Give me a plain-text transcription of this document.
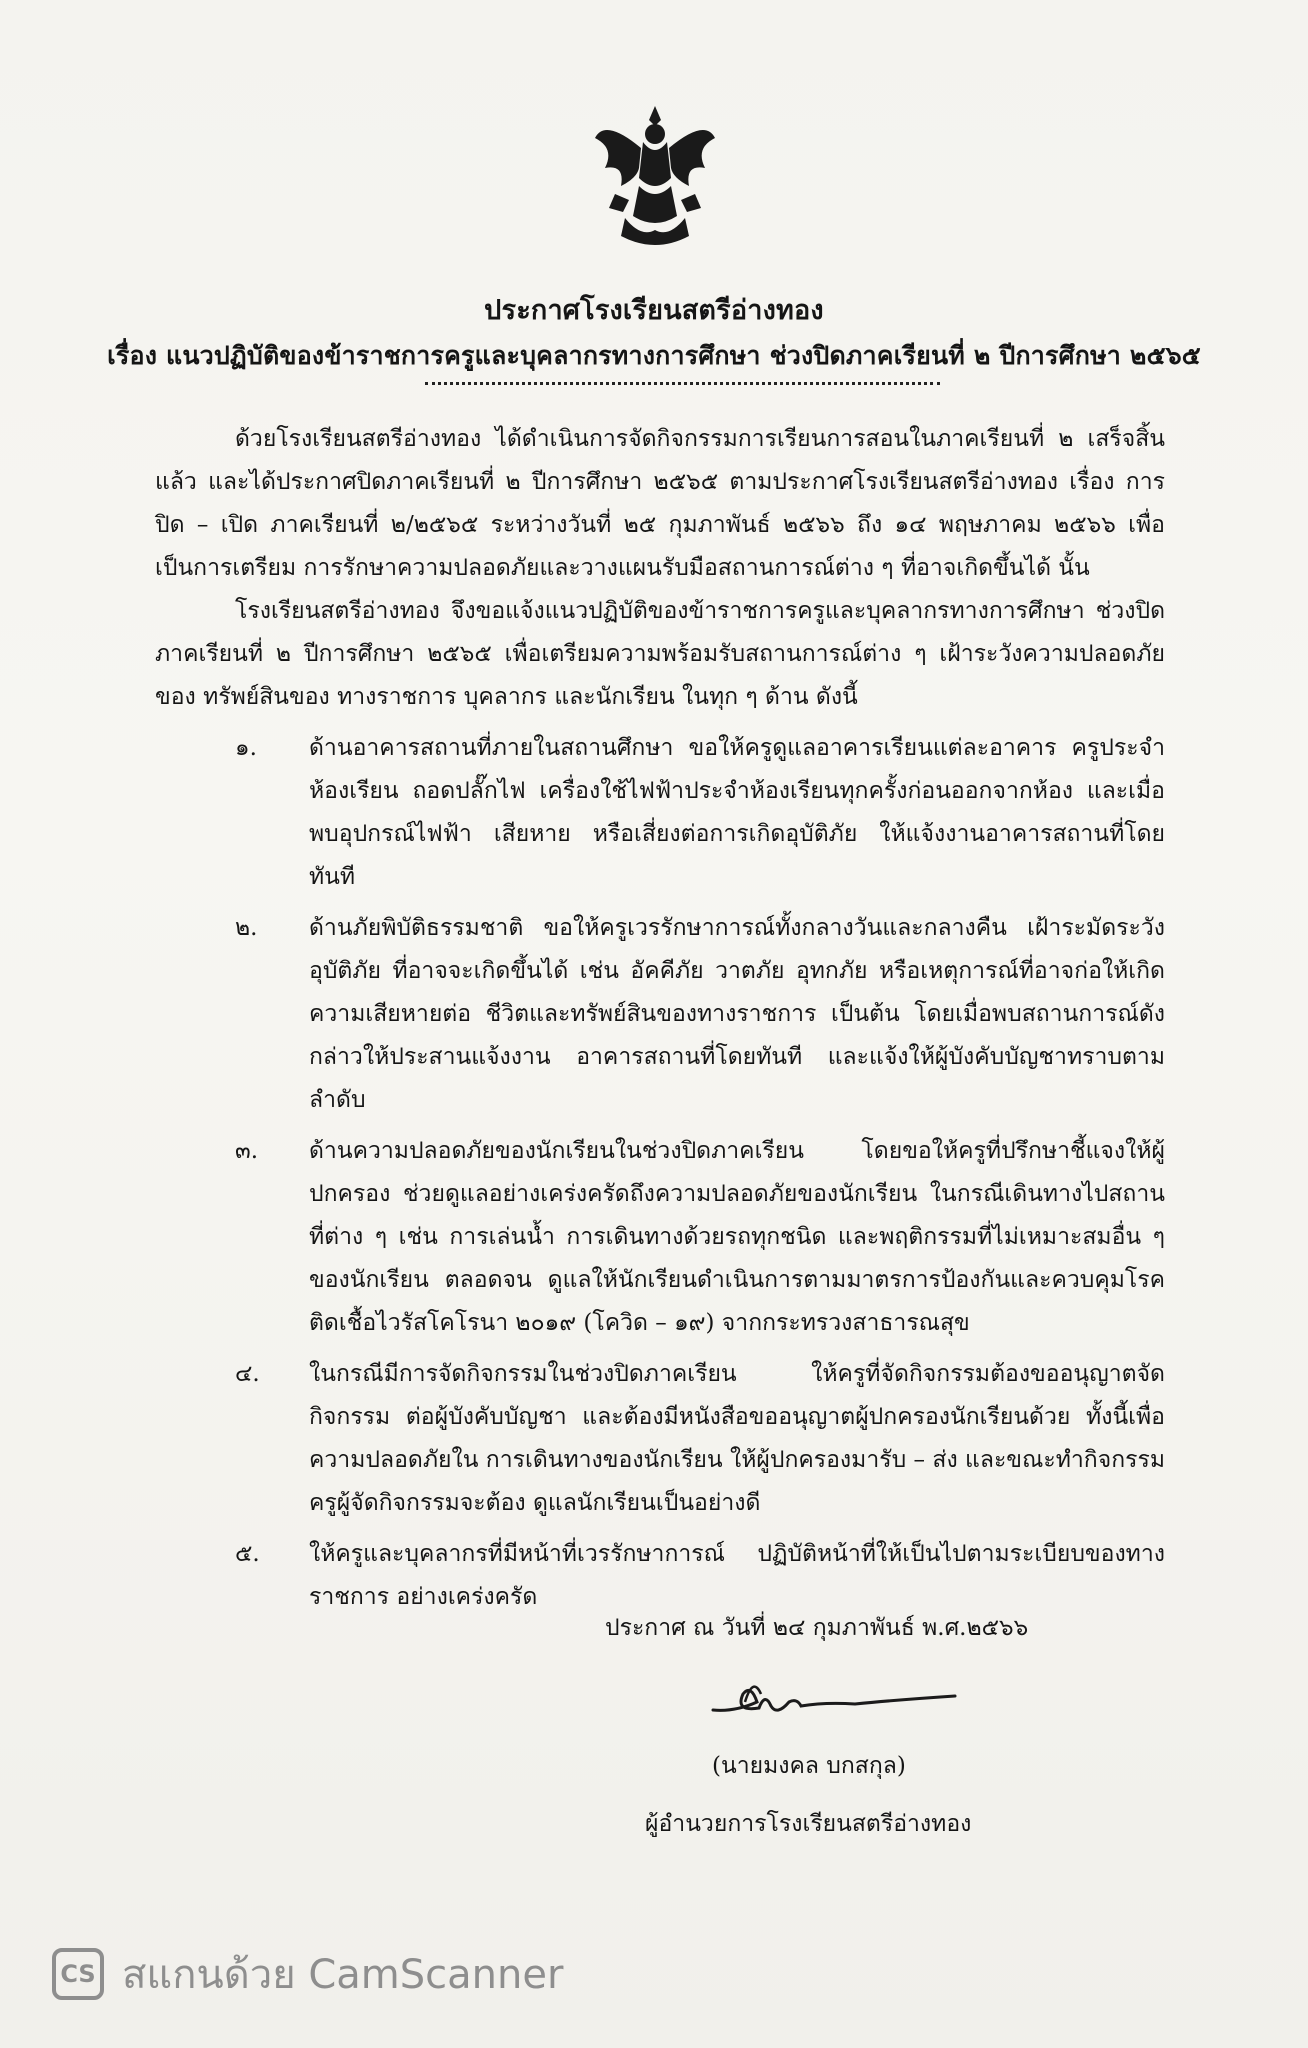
ประกาศโรงเรียนสตรีอ่างทอง
เรื่อง แนวปฏิบัติของข้าราชการครูและบุคลากรทางการศึกษา ช่วงปิดภาคเรียนที่ ๒ ปีการศึกษา ๒๕๖๕

ด้วยโรงเรียนสตรีอ่างทอง ได้ดำเนินการจัดกิจกรรมการเรียนการสอนในภาคเรียนที่ ๒ เสร็จสิ้นแล้ว และได้ประกาศปิดภาคเรียนที่ ๒ ปีการศึกษา ๒๕๖๕ ตามประกาศโรงเรียนสตรีอ่างทอง เรื่อง การปิด – เปิด ภาคเรียนที่ ๒/๒๕๖๕ ระหว่างวันที่ ๒๕ กุมภาพันธ์ ๒๕๖๖ ถึง ๑๔ พฤษภาคม ๒๕๖๖ เพื่อเป็นการเตรียม การรักษาความปลอดภัยและวางแผนรับมือสถานการณ์ต่าง ๆ ที่อาจเกิดขึ้นได้ นั้น

โรงเรียนสตรีอ่างทอง จึงขอแจ้งแนวปฏิบัติของข้าราชการครูและบุคลากรทางการศึกษา ช่วงปิด ภาคเรียนที่ ๒ ปีการศึกษา ๒๕๖๕ เพื่อเตรียมความพร้อมรับสถานการณ์ต่าง ๆ เฝ้าระวังความปลอดภัยของ ทรัพย์สินของ ทางราชการ บุคลากร และนักเรียน ในทุก ๆ ด้าน ดังนี้

๑.	ด้านอาคารสถานที่ภายในสถานศึกษา ขอให้ครูดูแลอาคารเรียนแต่ละอาคาร ครูประจำห้องเรียน ถอดปลั๊กไฟ เครื่องใช้ไฟฟ้าประจำห้องเรียนทุกครั้งก่อนออกจากห้อง และเมื่อพบอุปกรณ์ไฟฟ้า เสียหาย หรือเสี่ยงต่อการเกิดอุบัติภัย ให้แจ้งงานอาคารสถานที่โดยทันที
๒.	ด้านภัยพิบัติธรรมชาติ ขอให้ครูเวรรักษาการณ์ทั้งกลางวันและกลางคืน เฝ้าระมัดระวังอุบัติภัย ที่อาจจะเกิดขึ้นได้ เช่น อัคคีภัย วาตภัย อุทกภัย หรือเหตุการณ์ที่อาจก่อให้เกิดความเสียหายต่อ ชีวิตและทรัพย์สินของทางราชการ เป็นต้น โดยเมื่อพบสถานการณ์ดังกล่าวให้ประสานแจ้งงาน อาคารสถานที่โดยทันที และแจ้งให้ผู้บังคับบัญชาทราบตามลำดับ
๓.	ด้านความปลอดภัยของนักเรียนในช่วงปิดภาคเรียน โดยขอให้ครูที่ปรึกษาชี้แจงให้ผู้ปกครอง ช่วยดูแลอย่างเคร่งครัดถึงความปลอดภัยของนักเรียน ในกรณีเดินทางไปสถานที่ต่าง ๆ เช่น การเล่นน้ำ การเดินทางด้วยรถทุกชนิด และพฤติกรรมที่ไม่เหมาะสมอื่น ๆ ของนักเรียน ตลอดจน ดูแลให้นักเรียนดำเนินการตามมาตรการป้องกันและควบคุมโรคติดเชื้อไวรัสโคโรนา ๒๐๑๙ (โควิด – ๑๙) จากกระทรวงสาธารณสุข
๔.	ในกรณีมีการจัดกิจกรรมในช่วงปิดภาคเรียน ให้ครูที่จัดกิจกรรมต้องขออนุญาตจัดกิจกรรม ต่อผู้บังคับบัญชา และต้องมีหนังสือขออนุญาตผู้ปกครองนักเรียนด้วย ทั้งนี้เพื่อความปลอดภัยใน การเดินทางของนักเรียน ให้ผู้ปกครองมารับ – ส่ง และขณะทำกิจกรรมครูผู้จัดกิจกรรมจะต้อง ดูแลนักเรียนเป็นอย่างดี
๕.	ให้ครูและบุคลากรที่มีหน้าที่เวรรักษาการณ์ ปฏิบัติหน้าที่ให้เป็นไปตามระเบียบของทางราชการ อย่างเคร่งครัด
ประกาศ ณ วันที่ ๒๔ กุมภาพันธ์ พ.ศ.๒๕๖๖
(นายมงคล บกสกุล)
ผู้อำนวยการโรงเรียนสตรีอ่างทอง
CS สแกนด้วย CamScanner
